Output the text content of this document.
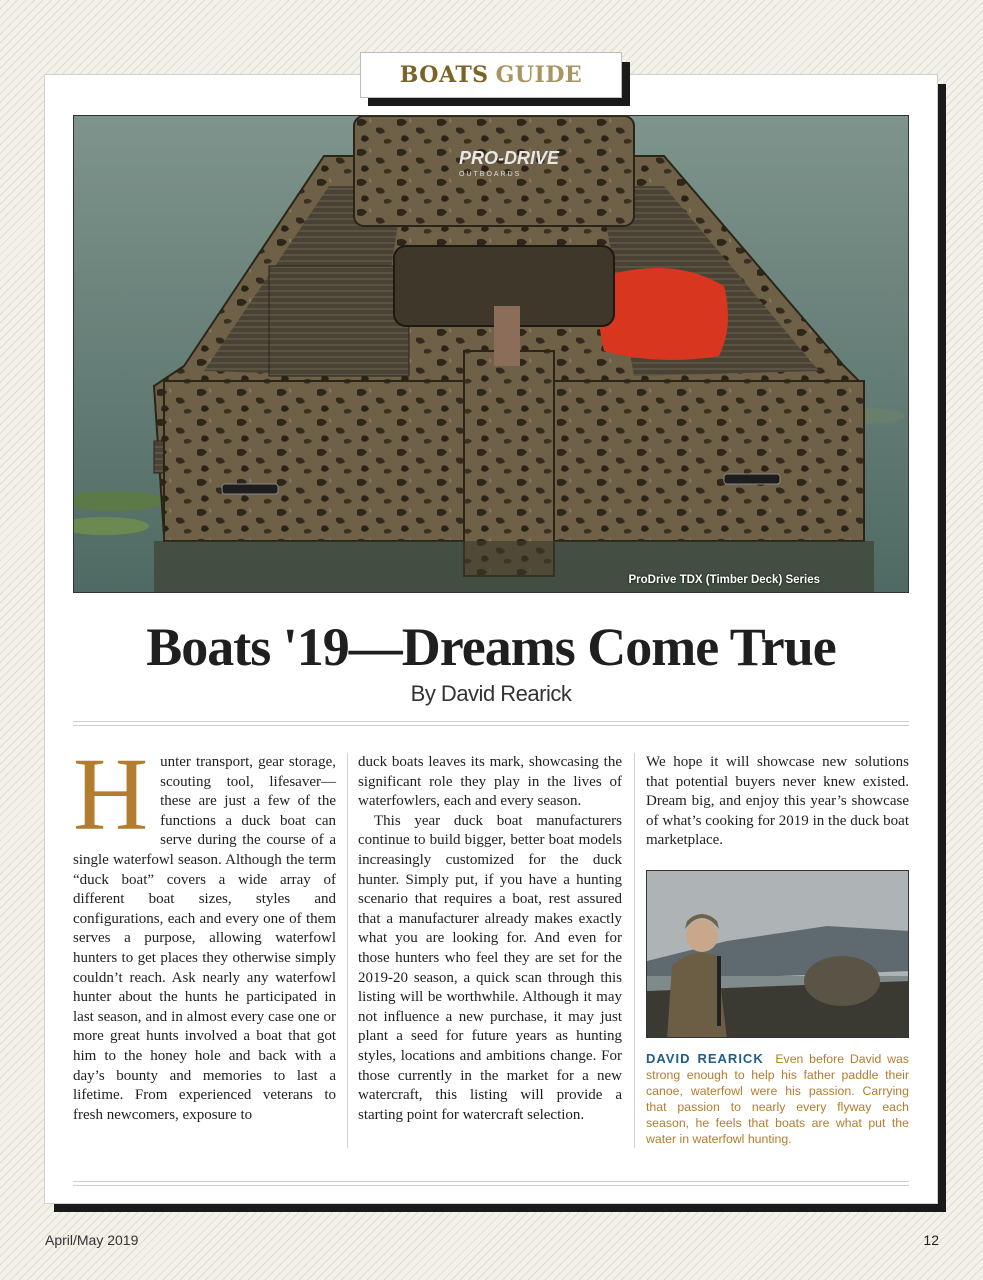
BOATS GUIDE
PRO-DRIVE
OUTBOARDS
ProDrive TDX (Timber Deck) Series
Boats '19—Dreams Come True
By David Rearick
H unter transport, gear storage, scouting tool, lifesaver—these are just a few of the functions a duck boat can serve during the course of a single waterfowl season. Although the term “duck boat” covers a wide array of different boat sizes, styles and configurations, each and every one of them serves a purpose, allowing waterfowl hunters to get places they otherwise simply couldn’t reach. Ask nearly any waterfowl hunter about the hunts he participated in last season, and in almost every case one or more great hunts involved a boat that got him to the honey hole and back with a day’s bounty and memories to last a lifetime. From experienced veterans to fresh newcomers, exposure to

duck boats leaves its mark, showcasing the significant role they play in the lives of waterfowlers, each and every season.

This year duck boat manufacturers continue to build bigger, better boat models increasingly customized for the duck hunter. Simply put, if you have a hunting scenario that requires a boat, rest assured that a manufacturer already makes exactly what you are looking for. And even for those hunters who feel they are set for the 2019-20 season, a quick scan through this listing will be worthwhile. Although it may not influence a new purchase, it may just plant a seed for future years as hunting styles, locations and ambitions change. For those currently in the market for a new watercraft, this listing will provide a starting point for watercraft selection.

We hope it will showcase new solutions that potential buyers never knew existed. Dream big, and enjoy this year’s showcase of what’s cooking for 2019 in the duck boat marketplace.

DAVID REARICK Even before David was strong enough to help his father paddle their canoe, waterfowl were his passion. Carrying that passion to nearly every flyway each season, he feels that boats are what put the water in waterfowl hunting.
April/May 2019	12
